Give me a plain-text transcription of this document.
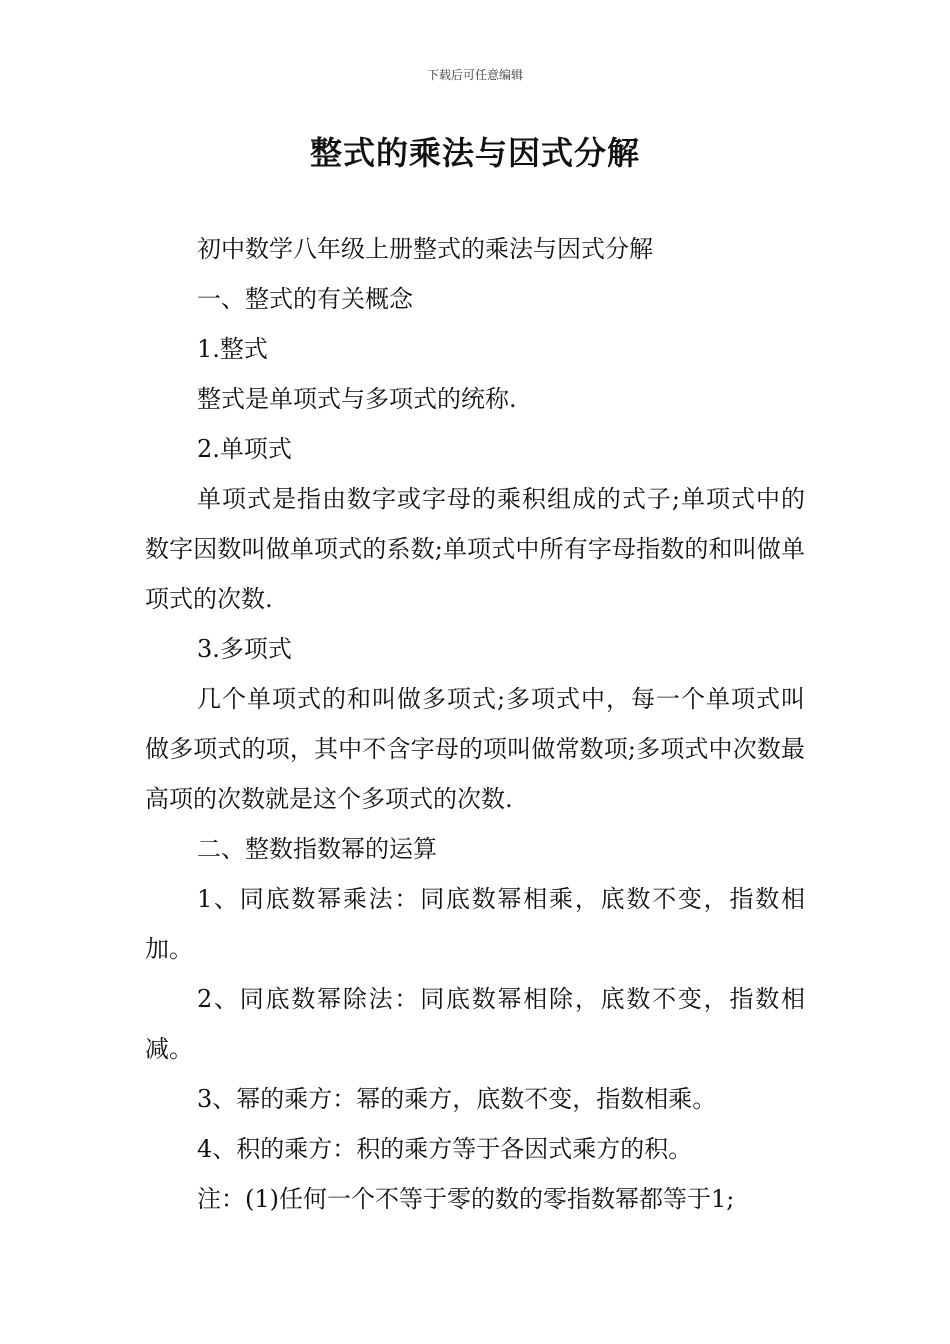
下载后可任意编辑
整式的乘法与因式分解

初中数学八年级上册整式的乘法与因式分解

一、整式的有关概念

1.整式

整式是单项式与多项式的统称.

2.单项式

单项式是指由数字或字母的乘积组成的式子;单项式中的数字因数叫做单项式的系数;单项式中所有字母指数的和叫做单项式的次数.

3.多项式

几个单项式的和叫做多项式;多项式中，每一个单项式叫做多项式的项，其中不含字母的项叫做常数项;多项式中次数最高项的次数就是这个多项式的次数.

二、整数指数幂的运算

1、同底数幂乘法：同底数幂相乘，底数不变，指数相加。

2、同底数幂除法：同底数幂相除，底数不变，指数相减。

3、幂的乘方：幂的乘方，底数不变，指数相乘。

4、积的乘方：积的乘方等于各因式乘方的积。

注：(1)任何一个不等于零的数的零指数幂都等于1;
